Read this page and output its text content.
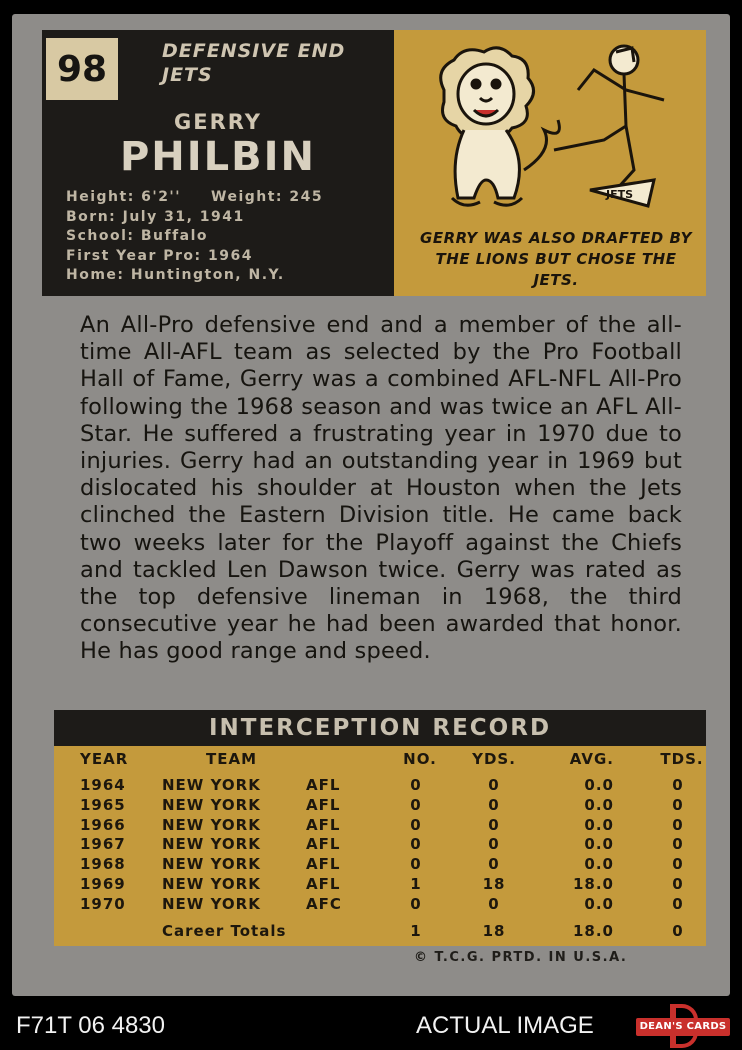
98	DEFENSIVE END
JETS
GERRY
PHILBIN
Height: 6'2'' Weight: 245
Born: July 31, 1941
School: Buffalo
First Year Pro: 1964
Home: Huntington, N.Y.
JETS
GERRY WAS ALSO DRAFTED BY THE LIONS BUT CHOSE THE JETS.
An All-Pro defensive end and a member of the all-time All-AFL team as selected by the Pro Football Hall of Fame, Gerry was a combined AFL-NFL All-Pro following the 1968 season and was twice an AFL All-Star. He suffered a frustrating year in 1970 due to injuries. Gerry had an outstanding year in 1969 but dislocated his shoulder at Houston when the Jets clinched the Eastern Division title. He came back two weeks later for the Playoff against the Chiefs and tackled Len Dawson twice. Gerry was rated as the top defensive lineman in 1968, the third consecutive year he had been awarded that honor. He has good range and speed.
INTERCEPTION RECORD
YEAR	TEAM	NO.	YDS.	AVG.	TDS.
1964 NEW YORK	AFL	0	0	0.0	0
1965 NEW YORK	AFL	0	0	0.0	0
1966 NEW YORK	AFL	0	0	0.0	0
1967 NEW YORK	AFL	0	0	0.0	0
1968 NEW YORK	AFL	0	0	0.0	0
1969 NEW YORK	AFL	1	18	18.0	0
1970 NEW YORK	AFC	0	0	0.0	0
Career Totals	1	18	18.0	0
© T.C.G. PRTD. IN U.S.A.
F71T 06 4830	ACTUAL IMAGE	DEAN'S CARDS
